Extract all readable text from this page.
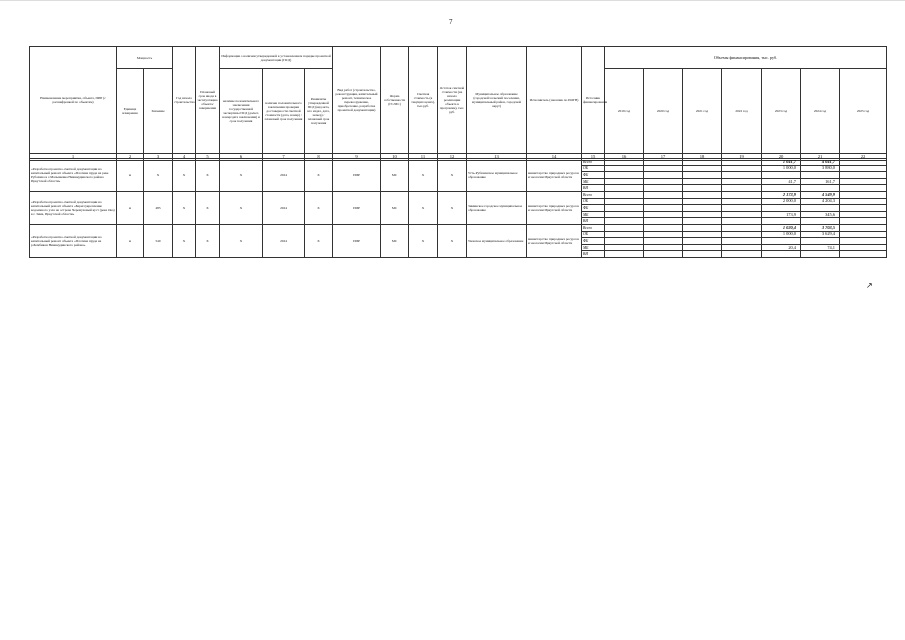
7
Наименование мероприятия, объекта, ПИР (с расшифровкой по объектам)	Мощность		Год начала строительства	Плановый срок ввода в эксплуатацию объекта/завершения	Информация о наличии утвержденной в установленном порядке проектной документации (ПСД)			Вид работ (строительство, реконструкция, капитальный ремонт, техническое перевооружение, приобретение, разработка проектной документации)	Форма собственности (ГС/МС)	Сметная стоимость (в текущих ценах), тыс.руб.	Остаток сметной стоимости (на начало реализации объекта в программе), тыс. руб.	Муниципальное образование (городской/сельский поселения, муниципальный район, городской округ)	Исполнитель (заказчик по ИОГВ)	Источник финансирования	Объемы финансирования, тыс. руб.						
	Единица измерения	Значение			наличие положительного заключения государственной экспертизы ПСД (да/нет, номер/дата заключения) и срок получения	наличие положительного заключения проверки достоверности сметной стоимости (дата, номер) / плановый срок получения	Реквизиты утвержденной ПСД (вид акта, кто издал, дата, номер) / плановый срок получения								2019 год	2020 год	2021 год	2022 год	2023 год	2024 год	2025 год
1	2	3	4	5	6	7	8	9	10	11	12	13	14	15	16	17	18	19	20	21	22
«Разработка проектно-сметной документации на капитальный ремонт объекта «Плотина пруда на реке Рубахина в с.Малышевка Нижнеудинского района Иркутской области»	м	Х	Х	Х	Х	2024	Х	ПИР	МС	Х	Х	Усть-Рубахинское муниципальное образование	министерство природных ресурсов и экологии Иркутской области	Всего					1 041,7	4 041,7	
														ОБ					1 000,0	3 880,0	
														ФБ							
														МБ					41,7	161,7	
														ВИ							
«Разработка проектно-сметной документации на капитальный ремонт объекта «Берегоукрепление водоемного узла на острове Черемуховый куст (река Ока) в г. Зима, Иркутской области»	м	485	Х	Х	Х	2024	Х	ПИР	МС	Х	Х	Зиминское городское муниципальное образование	министерство природных ресурсов и экологии Иркутской области	Всего					2 173,9	4 549,9	
														ОБ					2 000,0	4 204,3	
														ФБ							
														МБ					173,9	345,6	
														ВИ							
«Разработка проектно-сметной документации на капитальный ремонт объекта «Плотина пруда на р.Бомбикан Нижнеудинского района»	м	540	Х	Х	Х	2024	Х	ПИР	МС	Х	Х	Уковское муниципальное образование	министерство природных ресурсов и экологии Иркутской области	Всего					1 020,4	3 703,5	
														ОБ					1 000,0	3 629,4	
														ФБ							
														МБ					20,4	74,1	
														ВИ							
↗
